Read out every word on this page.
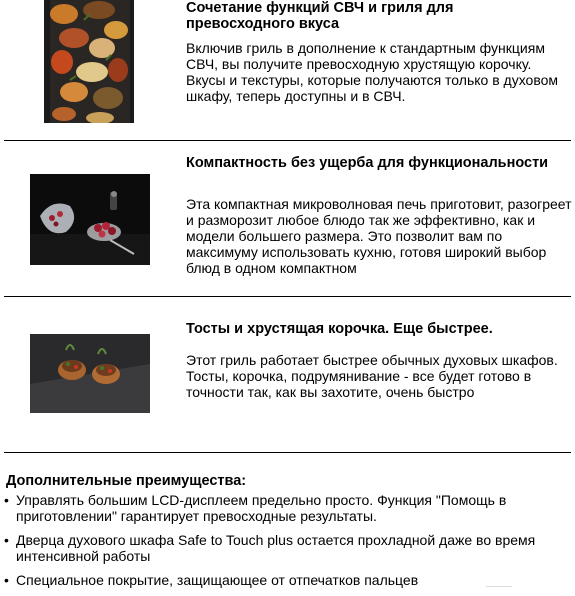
Сочетание функций СВЧ и гриля для превосходного вкуса
Включив гриль в дополнение к стандартным функциям СВЧ, вы получите превосходную хрустящую корочку. Вкусы и текстуры, которые получаются только в духовом шкафу, теперь доступны и в СВЧ.
Компактность без ущерба для функциональности
Эта компактная микроволновая печь приготовит, разогреет и разморозит любое блюдо так же эффективно, как и модели большего размера. Это позволит вам по максимуму использовать кухню, готовя широкий выбор блюд в одном компактном
Тосты и хрустящая корочка. Еще быстрее.
Этот гриль работает быстрее обычных духовых шкафов. Тосты, корочка, подрумянивание - все будет готово в точности так, как вы захотите, очень быстро
Дополнительные преимущества:
• Управлять большим LCD-дисплеем предельно просто. Функция "Помощь в приготовлении" гарантирует превосходные результаты.
• Дверца духового шкафа Safe to Touch plus остается прохладной даже во время интенсивной работы
• Специальное покрытие, защищающее от отпечатков пальцев
